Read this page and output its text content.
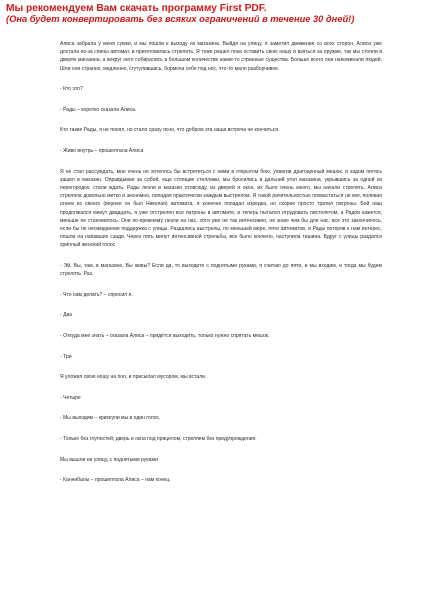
Мы рекомендуем Вам скачать программу First PDF.
(Она будет конвертировать без всяких ограничений в течение 30 дней!)

Алиса забрала у меня сумки, и мы пошли к выходу из магазина. Выйдя на улицу, я заметил движение со всех сторон, Алиса уже достала из-за спины автомат, и приготовилась стрелять. Я тоже решил пока оставить свою ношу и взяться за оружие, так мы стояли в дверях магазина, а вокруг него собирались в большом количестве какие-то странные существа. Больше всего они напоминали людей. Шли они странно, медленно, сгутулившись, бормоча себе под нос, что-то мало разборчивое.

- Кто это?

- Рады – коротко сказала Алиса.

Кто такие Рады, я не понял, но стало сразу ясно, что добром эта наша встреча не кончиться.

- Живо внутрь – прошептала Алиса

Я не стал рассуждать, мне очень не хотелось бы встретиться с ними в открытом бою, ухватив драгоценный мешок, я задом пятясь зашел в магазин. Оправдывая за собой, еще стоящие стеллажи, мы бросились в дальний угол магазина, укрывшись за одной из перегородок, стали ждать. Рады лезли в магазин отовсюду, из дверей и окон, их было очень много, мы начали стрелять, Алиса стреляла довольно метко и экономно, попадая практически каждым выстрелом. Я такой рачительностью похвастаться не мог, полевая огнем из своего (вернее он был Николая) автомата, я конечно попадал изредка, но скорее просто тратил патроны. Бой наш продолжался минут двадцать, я уже отстрелял все патроны в автомате, и теперь пытался отрудовать пистолетом, а Радов кажется, меньше не становилось. Они по-прежнему лезли на нас, хотя уже не так интенсивно, не знаю чем бы для нас, все это закончилось, если бы не неожиданная поддержка с улицы. Раздались выстрелы, по меньшей мере, пяти автоматов, и Рады потеряв к нам интерес, пошли на напавших сзади. Через пять минут интенсивной стрельбы, все было кончено, наступила тишина. Вдруг с улицы раздался хриплый женский голос

- Эй, Вы, там, в магазине, Вы живы? Если да, то выходите с поднятыми руками, я считаю до пяти, и мы входим, и тогда мы будем стрелять. Раз.

- Что нам делать? – спросил я.

- Два

- Откуда мне знать – сказала Алиса – придётся выходить, только нужно спрятать мешок.

- Три

Я уложил свою ношу на пол, и присыпал мусором, мы встали.

- Четыре

- Мы выходим – крикнули мы в один голос.

- Только без глупостей, дверь и окна под прицелом, стреляем без предупреждения.

Мы вышли на улицу, с поднятыми руками

- Каннибалы – прошептала Алиса – нам конец.
